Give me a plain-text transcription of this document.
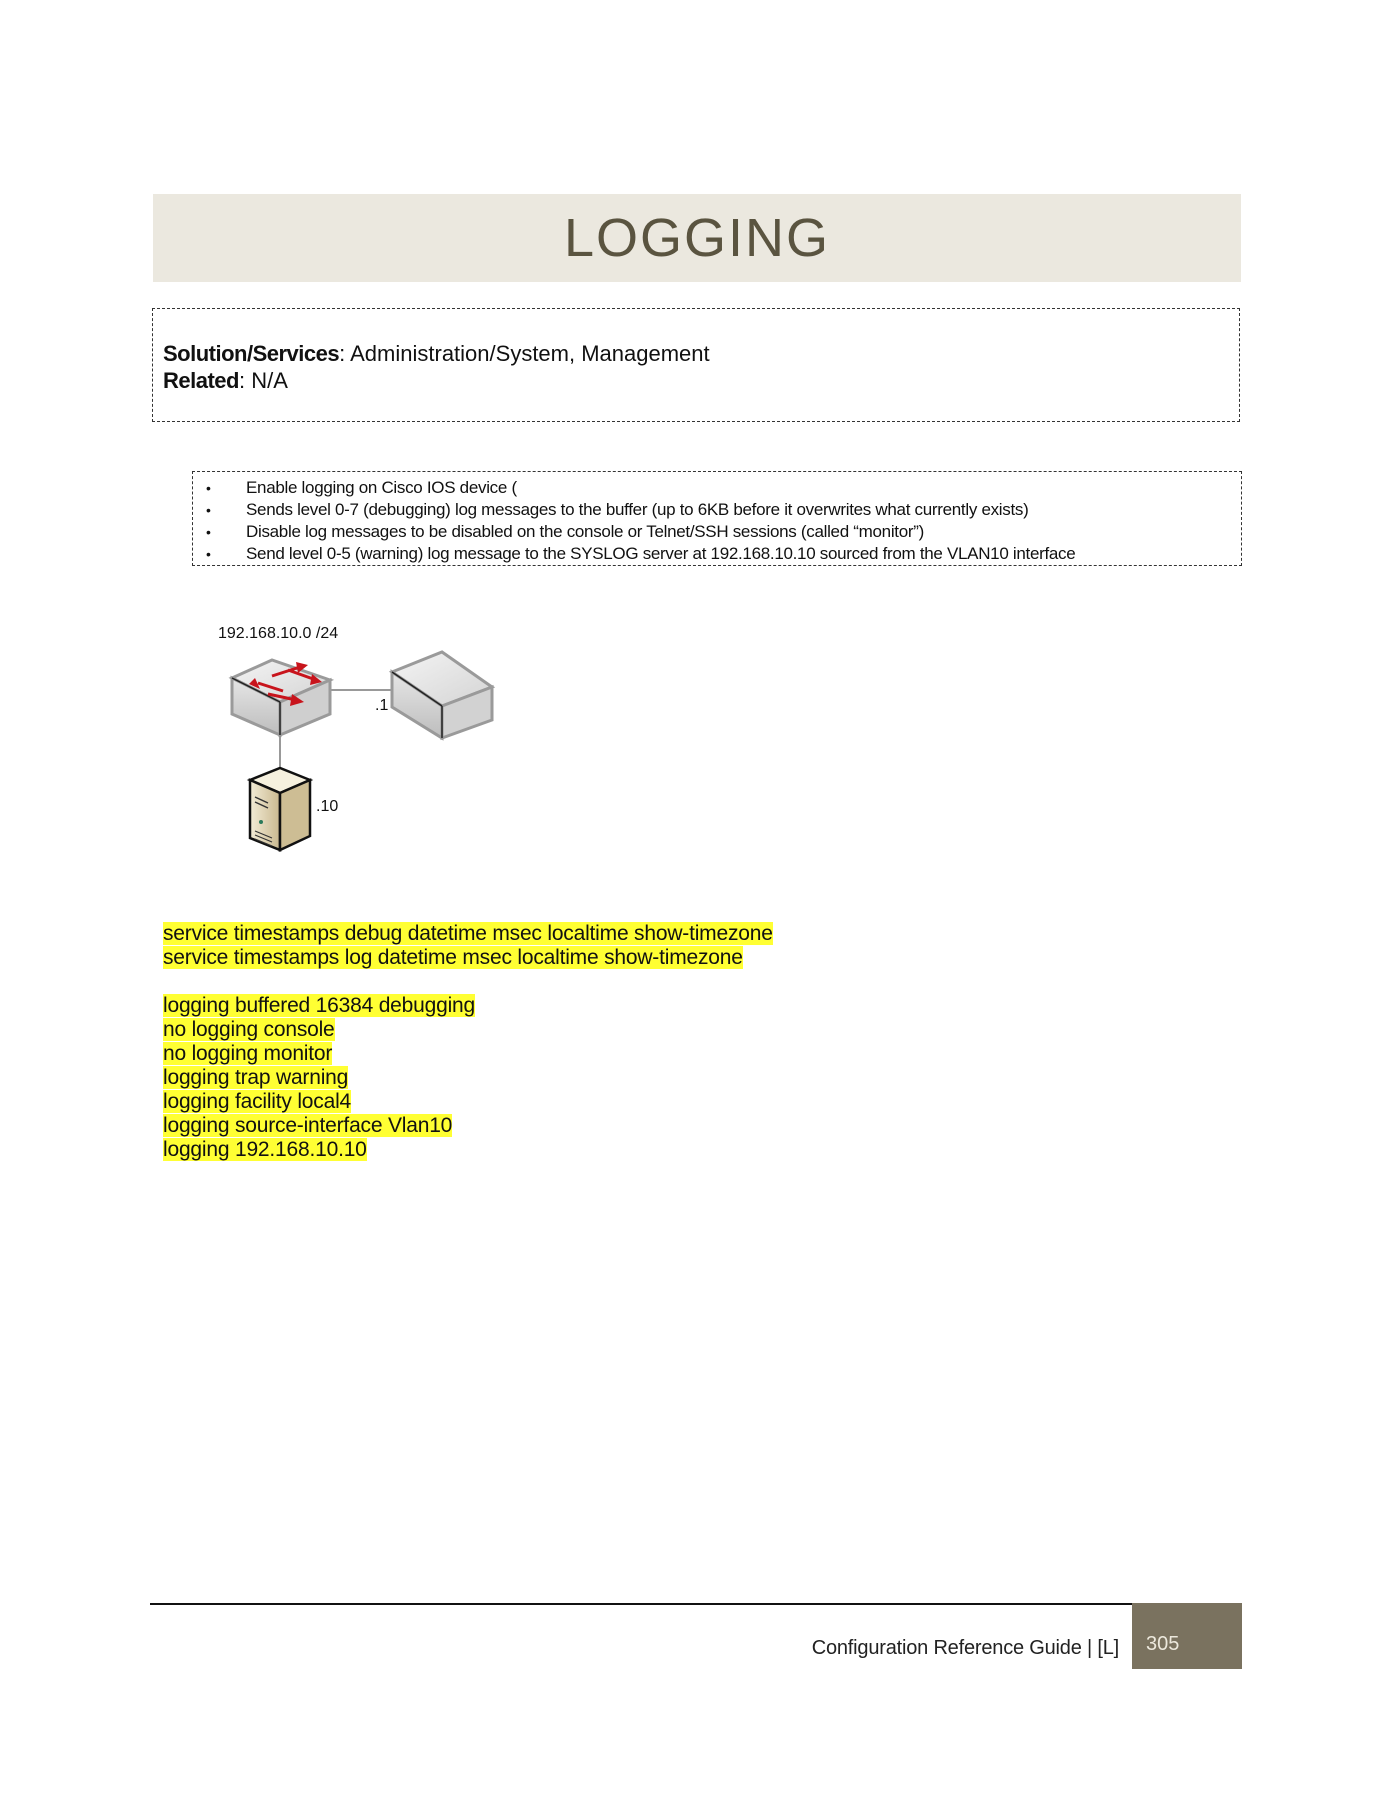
LOGGING
Solution/Services: Administration/System, Management
Related: N/A
• Enable logging on Cisco IOS device (
• Sends level 0-7 (debugging) log messages to the buffer (up to 6KB before it overwrites what currently exists)
• Disable log messages to be disabled on the console or Telnet/SSH sessions (called “monitor”)
• Send level 0-5 (warning) log message to the SYSLOG server at 192.168.10.10 sourced from the VLAN10 interface
192.168.10.0 /24
.1
.10
service timestamps debug datetime msec localtime show-timezone
service timestamps log datetime msec localtime show-timezone
logging buffered 16384 debugging
no logging console
no logging monitor
logging trap warning
logging facility local4
logging source-interface Vlan10
logging 192.168.10.10
Configuration Reference Guide | [L] 305
